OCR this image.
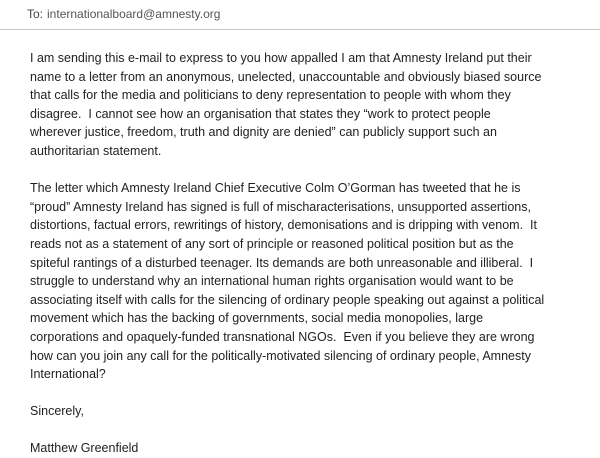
To: internationalboard@amnesty.org

I am sending this e-mail to express to you how appalled I am that Amnesty Ireland put their
name to a letter from an anonymous, unelected, unaccountable and obviously biased source
that calls for the media and politicians to deny representation to people with whom they
disagree.  I cannot see how an organisation that states they “work to protect people
wherever justice, freedom, truth and dignity are denied” can publicly support such an
authoritarian statement.

The letter which Amnesty Ireland Chief Executive Colm O’Gorman has tweeted that he is
“proud” Amnesty Ireland has signed is full of mischaracterisations, unsupported assertions,
distortions, factual errors, rewritings of history, demonisations and is dripping with venom.  It
reads not as a statement of any sort of principle or reasoned political position but as the
spiteful rantings of a disturbed teenager. Its demands are both unreasonable and illiberal.  I
struggle to understand why an international human rights organisation would want to be
associating itself with calls for the silencing of ordinary people speaking out against a political
movement which has the backing of governments, social media monopolies, large
corporations and opaquely-funded transnational NGOs.  Even if you believe they are wrong
how can you join any call for the politically-motivated silencing of ordinary people, Amnesty
International?

Sincerely,

Matthew Greenfield
